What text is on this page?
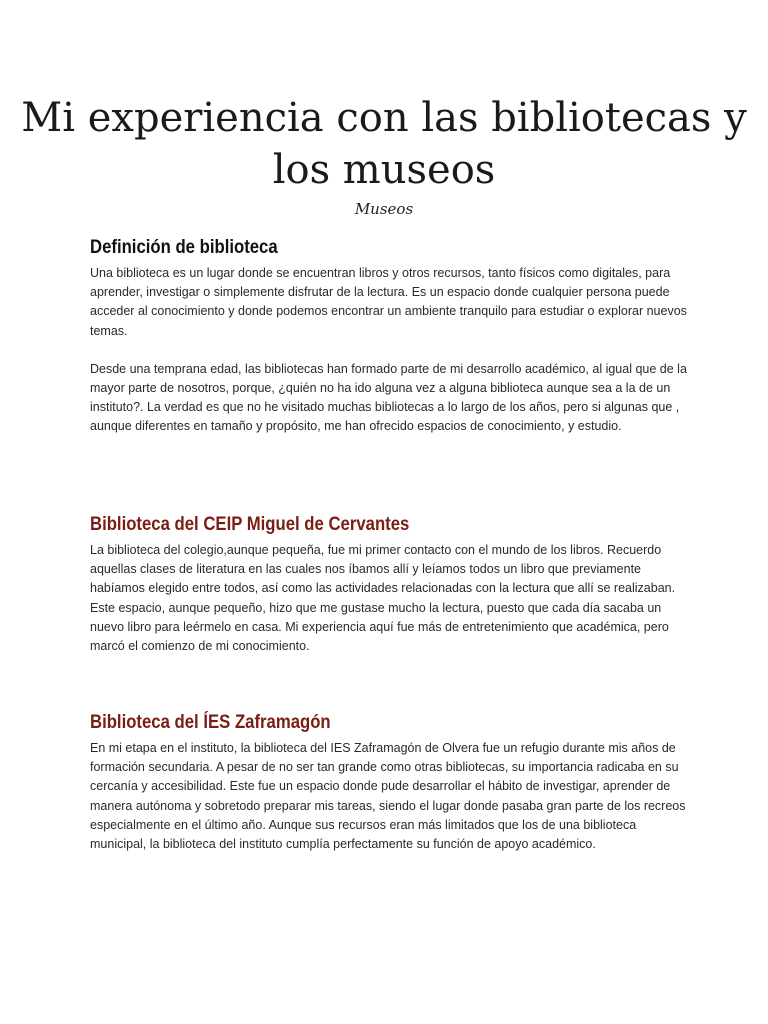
Mi experiencia con las bibliotecas y los museos
Museos
Definición de biblioteca

Una biblioteca es un lugar donde se encuentran libros y otros recursos, tanto físicos como digitales, para aprender, investigar o simplemente disfrutar de la lectura. Es un espacio donde cualquier persona puede acceder al conocimiento y donde podemos encontrar un ambiente tranquilo para estudiar o explorar nuevos temas.

Desde una temprana edad, las bibliotecas han formado parte de mi desarrollo académico, al igual que de la mayor parte de nosotros, porque, ¿quién no ha ido alguna vez a alguna biblioteca aunque sea a la de un instituto?. La verdad es que no he visitado muchas bibliotecas a lo largo de los años, pero si algunas que , aunque diferentes en tamaño y propósito, me han ofrecido espacios de conocimiento, y estudio.

Biblioteca del CEIP Miguel de Cervantes

La biblioteca del colegio,aunque pequeña, fue mi primer contacto con el mundo de los libros. Recuerdo aquellas clases de literatura en las cuales nos íbamos allí y leíamos todos un libro que previamente habíamos elegido entre todos, así como las actividades relacionadas con la lectura que allí se realizaban. Este espacio, aunque pequeño, hizo que me gustase mucho la lectura, puesto que cada día sacaba un nuevo libro para leérmelo en casa. Mi experiencia aquí fue más de entretenimiento que académica, pero marcó el comienzo de mi conocimiento.

Biblioteca del ÍES Zaframagón

En mi etapa en el instituto, la biblioteca del IES Zaframagón de Olvera fue un refugio durante mis años de formación secundaria. A pesar de no ser tan grande como otras bibliotecas, su importancia radicaba en su cercanía y accesibilidad. Este fue un espacio donde pude desarrollar el hábito de investigar, aprender de manera autónoma y sobretodo preparar mis tareas, siendo el lugar donde pasaba gran parte de los recreos especialmente en el último año. Aunque sus recursos eran más limitados que los de una biblioteca municipal, la biblioteca del instituto cumplía perfectamente su función de apoyo académico.
